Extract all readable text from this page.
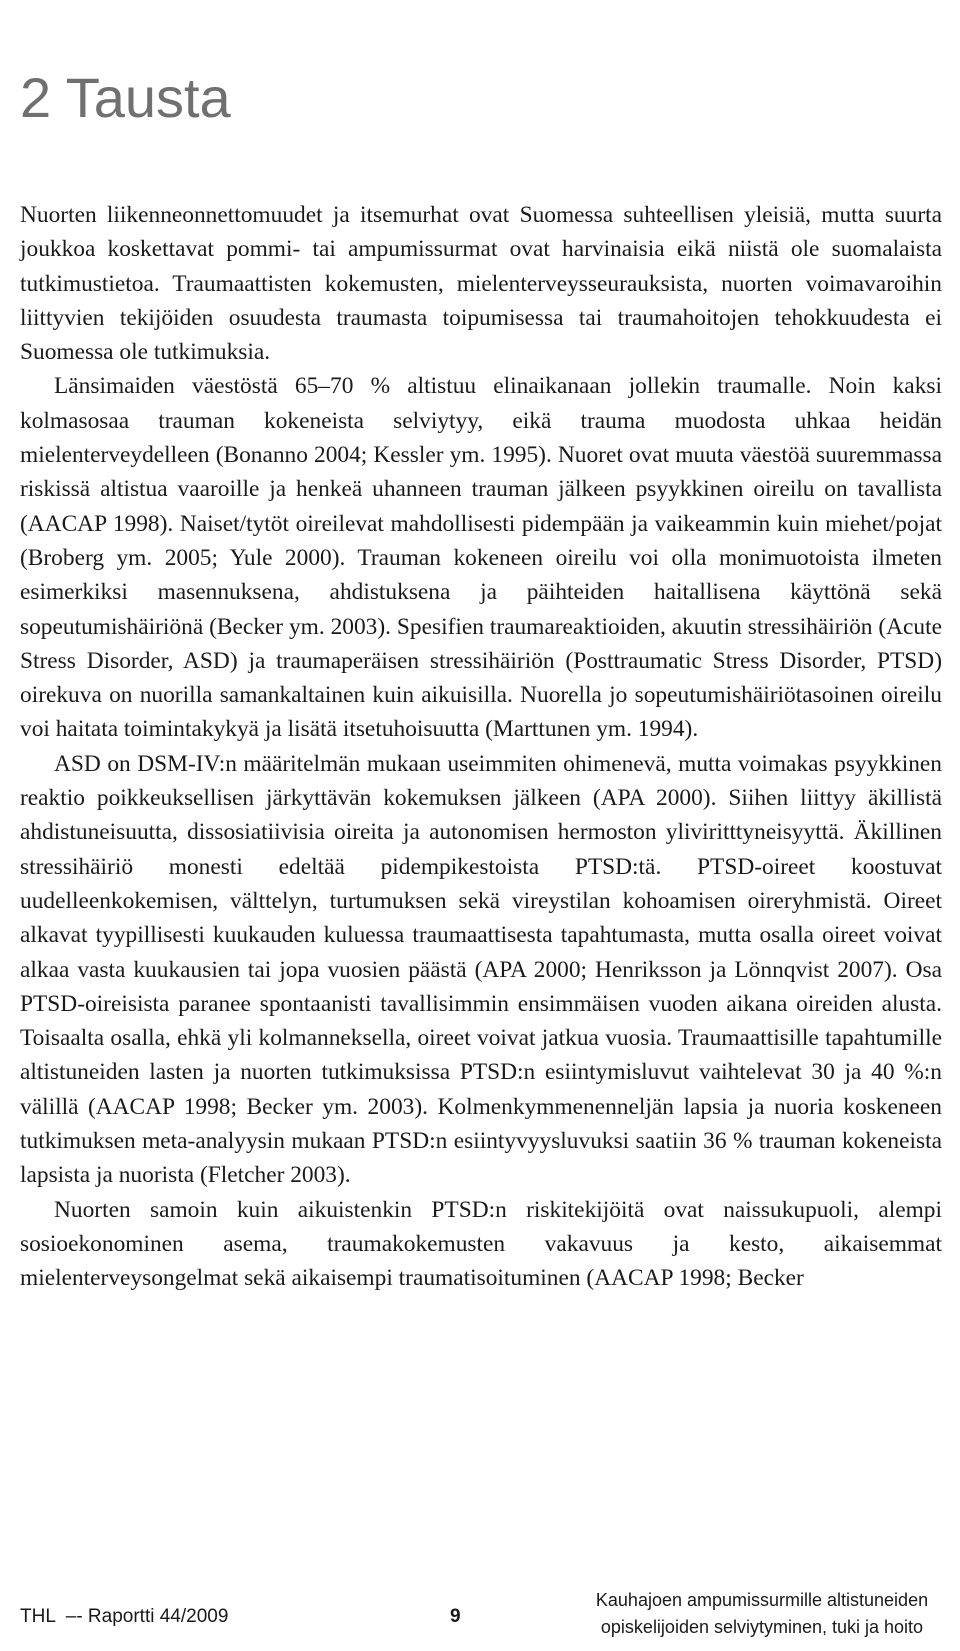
2 Tausta

Nuorten liikenneonnettomuudet ja itsemurhat ovat Suomessa suhteellisen yleisiä, mutta suurta joukkoa koskettavat pommi- tai ampumissurmat ovat harvinaisia eikä niistä ole suomalaista tutkimustietoa. Traumaattisten kokemusten, mielenterveysseurauksista, nuorten voimavaroihin liittyvien tekijöiden osuudesta traumasta toipumisessa tai traumahoitojen tehokkuudesta ei Suomessa ole tutkimuksia.

Länsimaiden väestöstä 65–70 % altistuu elinaikanaan jollekin traumalle. Noin kaksi kolmasosaa trauman kokeneista selviytyy, eikä trauma muodosta uhkaa heidän mielenterveydelleen (Bonanno 2004; Kessler ym. 1995). Nuoret ovat muuta väestöä suuremmassa riskissä altistua vaaroille ja henkeä uhanneen trauman jälkeen psyykkinen oireilu on tavallista (AACAP 1998). Naiset/tytöt oireilevat mahdollisesti pidempään ja vaikeammin kuin miehet/pojat (Broberg ym. 2005; Yule 2000). Trauman kokeneen oireilu voi olla monimuotoista ilmeten esimerkiksi masennuksena, ahdistuksena ja päihteiden haitallisena käyttönä sekä sopeutumishäiriönä (Becker ym. 2003). Spesifien traumareaktioiden, akuutin stressihäiriön (Acute Stress Disorder, ASD) ja traumaperäisen stressihäiriön (Posttraumatic Stress Disorder, PTSD) oirekuva on nuorilla samankaltainen kuin aikuisilla. Nuorella jo sopeutumishäiriötasoinen oireilu voi haitata toimintakykyä ja lisätä itsetuhoisuutta (Marttunen ym. 1994).

ASD on DSM-IV:n määritelmän mukaan useimmiten ohimenevä, mutta voimakas psyykkinen reaktio poikkeuksellisen järkyttävän kokemuksen jälkeen (APA 2000). Siihen liittyy äkillistä ahdistuneisuutta, dissosiatiivisia oireita ja autonomisen hermoston yliviritttyneisyyttä. Äkillinen stressihäiriö monesti edeltää pidempikestoista PTSD:tä. PTSD-oireet koostuvat uudelleenkokemisen, välttelyn, turtumuksen sekä vireystilan kohoamisen oireryhmistä. Oireet alkavat tyypillisesti kuukauden kuluessa traumaattisesta tapahtumasta, mutta osalla oireet voivat alkaa vasta kuukausien tai jopa vuosien päästä (APA 2000; Henriksson ja Lönnqvist 2007). Osa PTSD-oireisista paranee spontaanisti tavallisimmin ensimmäisen vuoden aikana oireiden alusta. Toisaalta osalla, ehkä yli kolmanneksella, oireet voivat jatkua vuosia. Traumaattisille tapahtumille altistuneiden lasten ja nuorten tutkimuksissa PTSD:n esiintymisluvut vaihtelevat 30 ja 40 %:n välillä (AACAP 1998; Becker ym. 2003). Kolmenkymmenenneljän lapsia ja nuoria koskeneen tutkimuksen meta-analyysin mukaan PTSD:n esiintyvyysluvuksi saatiin 36 % trauman kokeneista lapsista ja nuorista (Fletcher 2003).

Nuorten samoin kuin aikuistenkin PTSD:n riskitekijöitä ovat naissukupuoli, alempi sosioekonominen asema, traumakokemusten vakavuus ja kesto, aikaisemmat mielenterveysongelmat sekä aikaisempi traumatisoituminen (AACAP 1998; Becker

THL  –- Raportti 44/2009	9
Kauhajoen ampumissurmille altistuneiden
opiskelijoiden selviytyminen, tuki ja hoito
